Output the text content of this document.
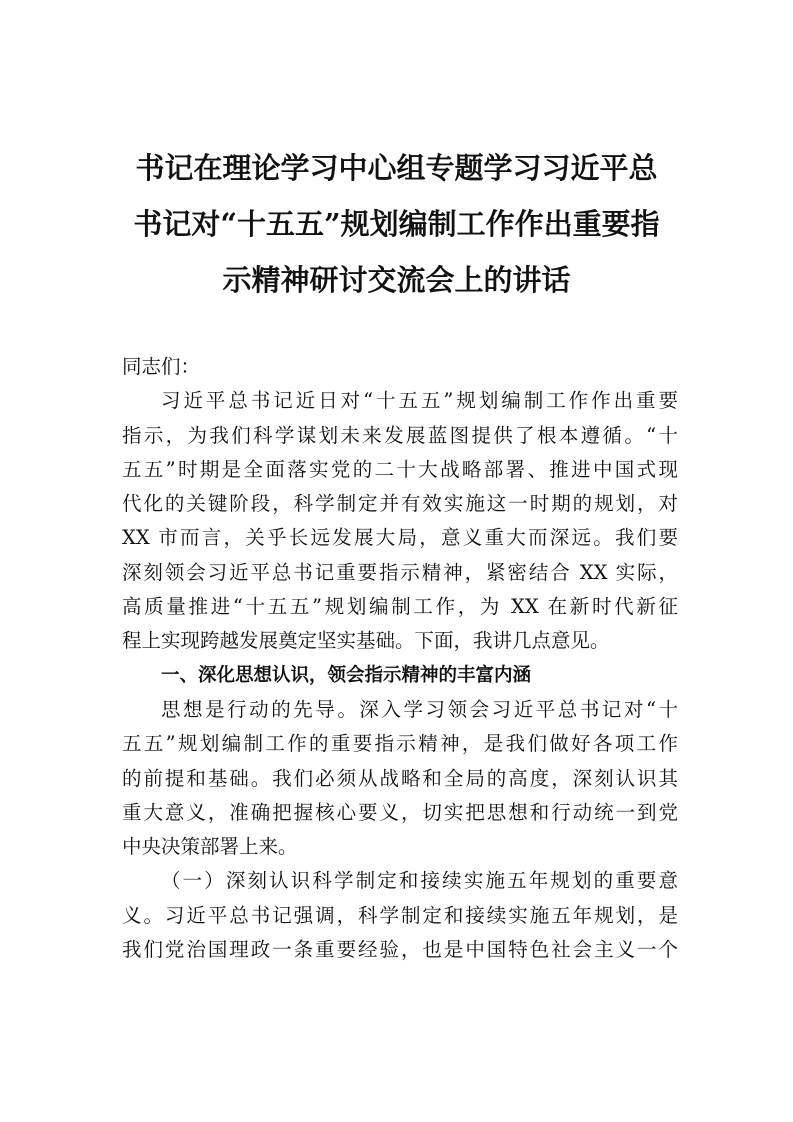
书记在理论学习中心组专题学习习近平总
书记对“十五五”规划编制工作作出重要指
示精神研讨交流会上的讲话
同志们：
习近平总书记近日对“十五五”规划编制工作作出重要
指示，为我们科学谋划未来发展蓝图提供了根本遵循。“十
五五”时期是全面落实党的二十大战略部署、推进中国式现
代化的关键阶段，科学制定并有效实施这一时期的规划，对
XX 市而言，关乎长远发展大局，意义重大而深远。我们要
深刻领会习近平总书记重要指示精神，紧密结合 XX 实际，
高质量推进“十五五”规划编制工作，为 XX 在新时代新征
程上实现跨越发展奠定坚实基础。下面，我讲几点意见。
一、深化思想认识，领会指示精神的丰富内涵
思想是行动的先导。深入学习领会习近平总书记对“十
五五”规划编制工作的重要指示精神，是我们做好各项工作
的前提和基础。我们必须从战略和全局的高度，深刻认识其
重大意义，准确把握核心要义，切实把思想和行动统一到党
中央决策部署上来。
（一）深刻认识科学制定和接续实施五年规划的重要意
义。习近平总书记强调，科学制定和接续实施五年规划，是
我们党治国理政一条重要经验，也是中国特色社会主义一个
